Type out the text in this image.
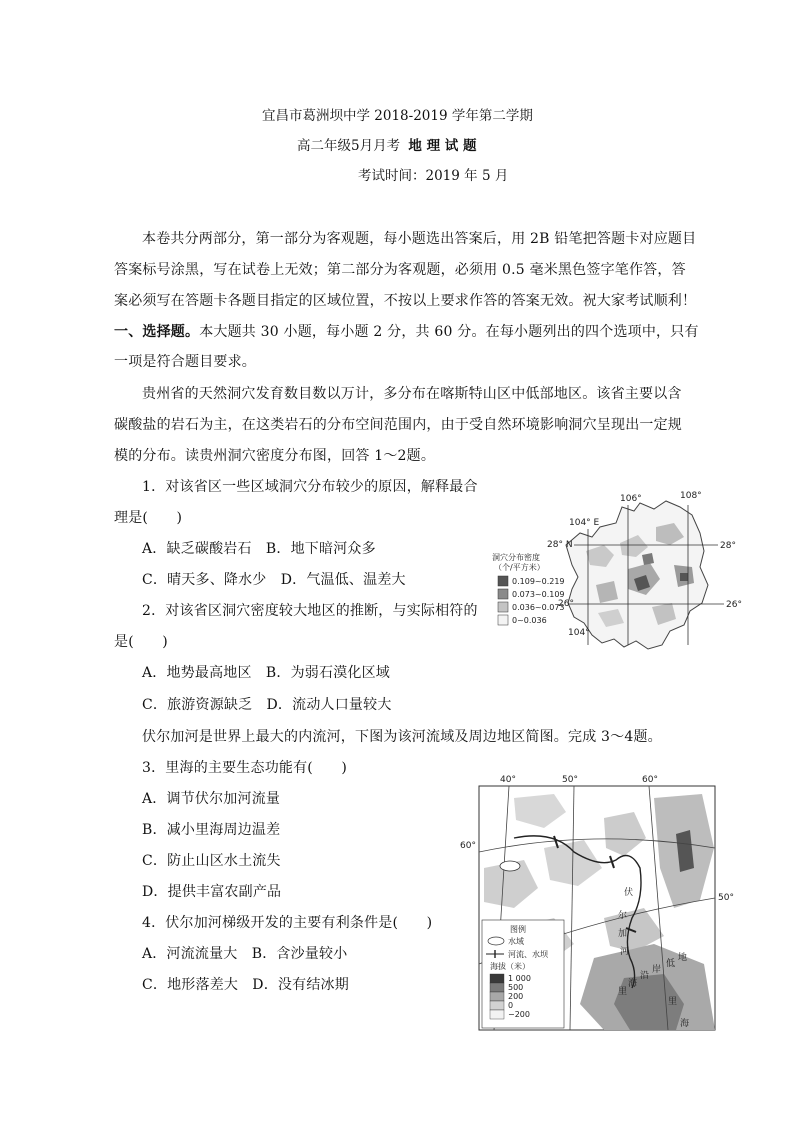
宜昌市葛洲坝中学 2018-2019 学年第二学期
高二年级5月月考 地 理 试 题
考试时间：2019 年 5 月
本卷共分两部分，第一部分为客观题，每小题选出答案后，用 2B 铅笔把答题卡对应题目
答案标号涂黑，写在试卷上无效；第二部分为客观题，必须用 0.5 毫米黑色签字笔作答，答
案必须写在答题卡各题目指定的区域位置，不按以上要求作答的答案无效。祝大家考试顺利！
一、选择题。本大题共 30 小题，每小题 2 分，共 60 分。在每小题列出的四个选项中，只有
一项是符合题目要求。
贵州省的天然洞穴发育数目数以万计，多分布在喀斯特山区中低部地区。该省主要以含
碳酸盐的岩石为主，在这类岩石的分布空间范围内，由于受自然环境影响洞穴呈现出一定规
模的分布。读贵州洞穴密度分布图，回答 1～2题。
1．对该省区一些区域洞穴分布较少的原因，解释最合
理是(　　)
A．缺乏碳酸岩石　B．地下暗河众多
C．晴天多、降水少　D．气温低、温差大
2．对该省区洞穴密度较大地区的推断，与实际相符的
是(　　)
A．地势最高地区　B．为弱石漠化区域
C．旅游资源缺乏　D．流动人口量较大
伏尔加河是世界上最大的内流河，下图为该河流域及周边地区简图。完成 3～4题。
3．里海的主要生态功能有(　　)
A．调节伏尔加河流量
B．减小里海周边温差
C．防止山区水土流失
D．提供丰富农副产品
4．伏尔加河梯级开发的主要有利条件是(　　)
A．河流流量大　B．含沙量较小
C．地形落差大　D．没有结冰期
106°	108°
104° E
28° N	28°
26°	26°
104°
洞穴分布密度
（个/平方米）
0.109~0.219
0.073~0.109
0.036~0.073
0~0.036
40°	50°	60°
60°
50°
伏
尔
加
河
里
海
沿
岸
低
地
里
海
图例
水域
河流、水坝
海拔（米）
1 000
500
200
0
−200
